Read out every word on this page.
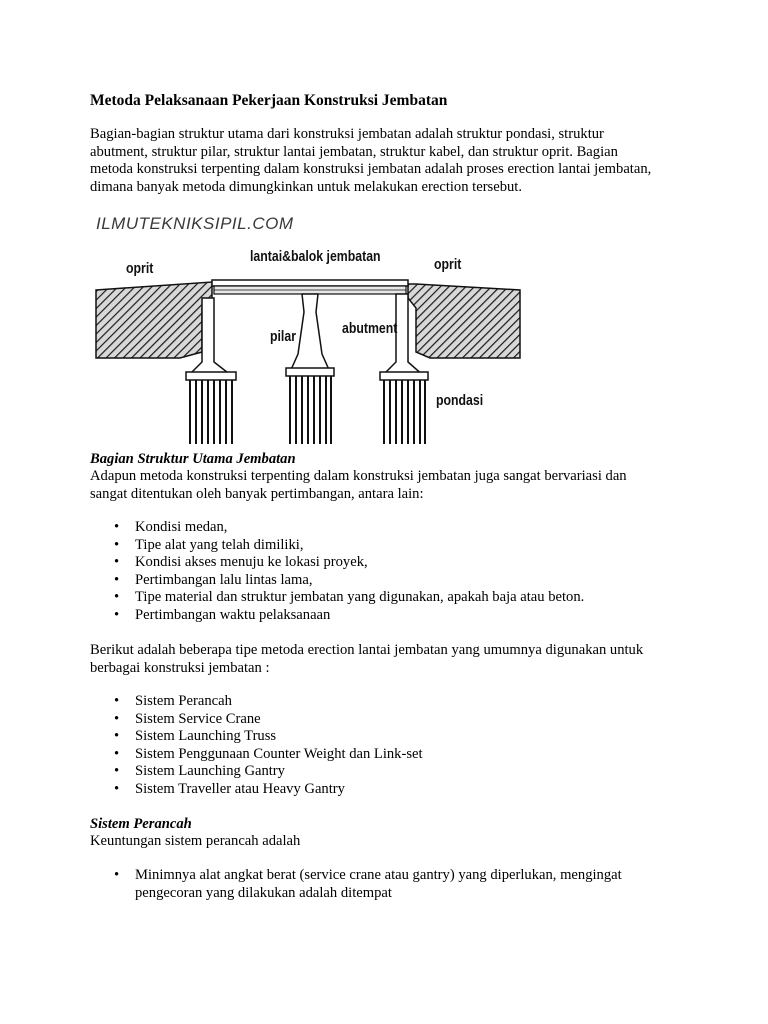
Metoda Pelaksanaan Pekerjaan Konstruksi Jembatan
Bagian-bagian struktur utama dari konstruksi jembatan adalah struktur pondasi, struktur
abutment, struktur pilar, struktur lantai jembatan, struktur kabel, dan struktur oprit. Bagian
metoda konstruksi terpenting dalam konstruksi jembatan adalah proses erection lantai jembatan,
dimana banyak metoda dimungkinkan untuk melakukan erection tersebut.
ILMUTEKNIKSIPIL.COM
lantai&balok jembatan
oprit	oprit
pilar	abutment
pondasi
Bagian Struktur Utama Jembatan
Adapun metoda konstruksi terpenting dalam konstruksi jembatan juga sangat bervariasi dan
sangat ditentukan oleh banyak pertimbangan, antara lain:
• Kondisi medan,
• Tipe alat yang telah dimiliki,
• Kondisi akses menuju ke lokasi proyek,
• Pertimbangan lalu lintas lama,
• Tipe material dan struktur jembatan yang digunakan, apakah baja atau beton.
• Pertimbangan waktu pelaksanaan
Berikut adalah beberapa tipe metoda erection lantai jembatan yang umumnya digunakan untuk
berbagai konstruksi jembatan :
• Sistem Perancah
• Sistem Service Crane
• Sistem Launching Truss
• Sistem Penggunaan Counter Weight dan Link-set
• Sistem Launching Gantry
• Sistem Traveller atau Heavy Gantry
Sistem Perancah
Keuntungan sistem perancah adalah
• Minimnya alat angkat berat (service crane atau gantry) yang diperlukan, mengingat
pengecoran yang dilakukan adalah ditempat
